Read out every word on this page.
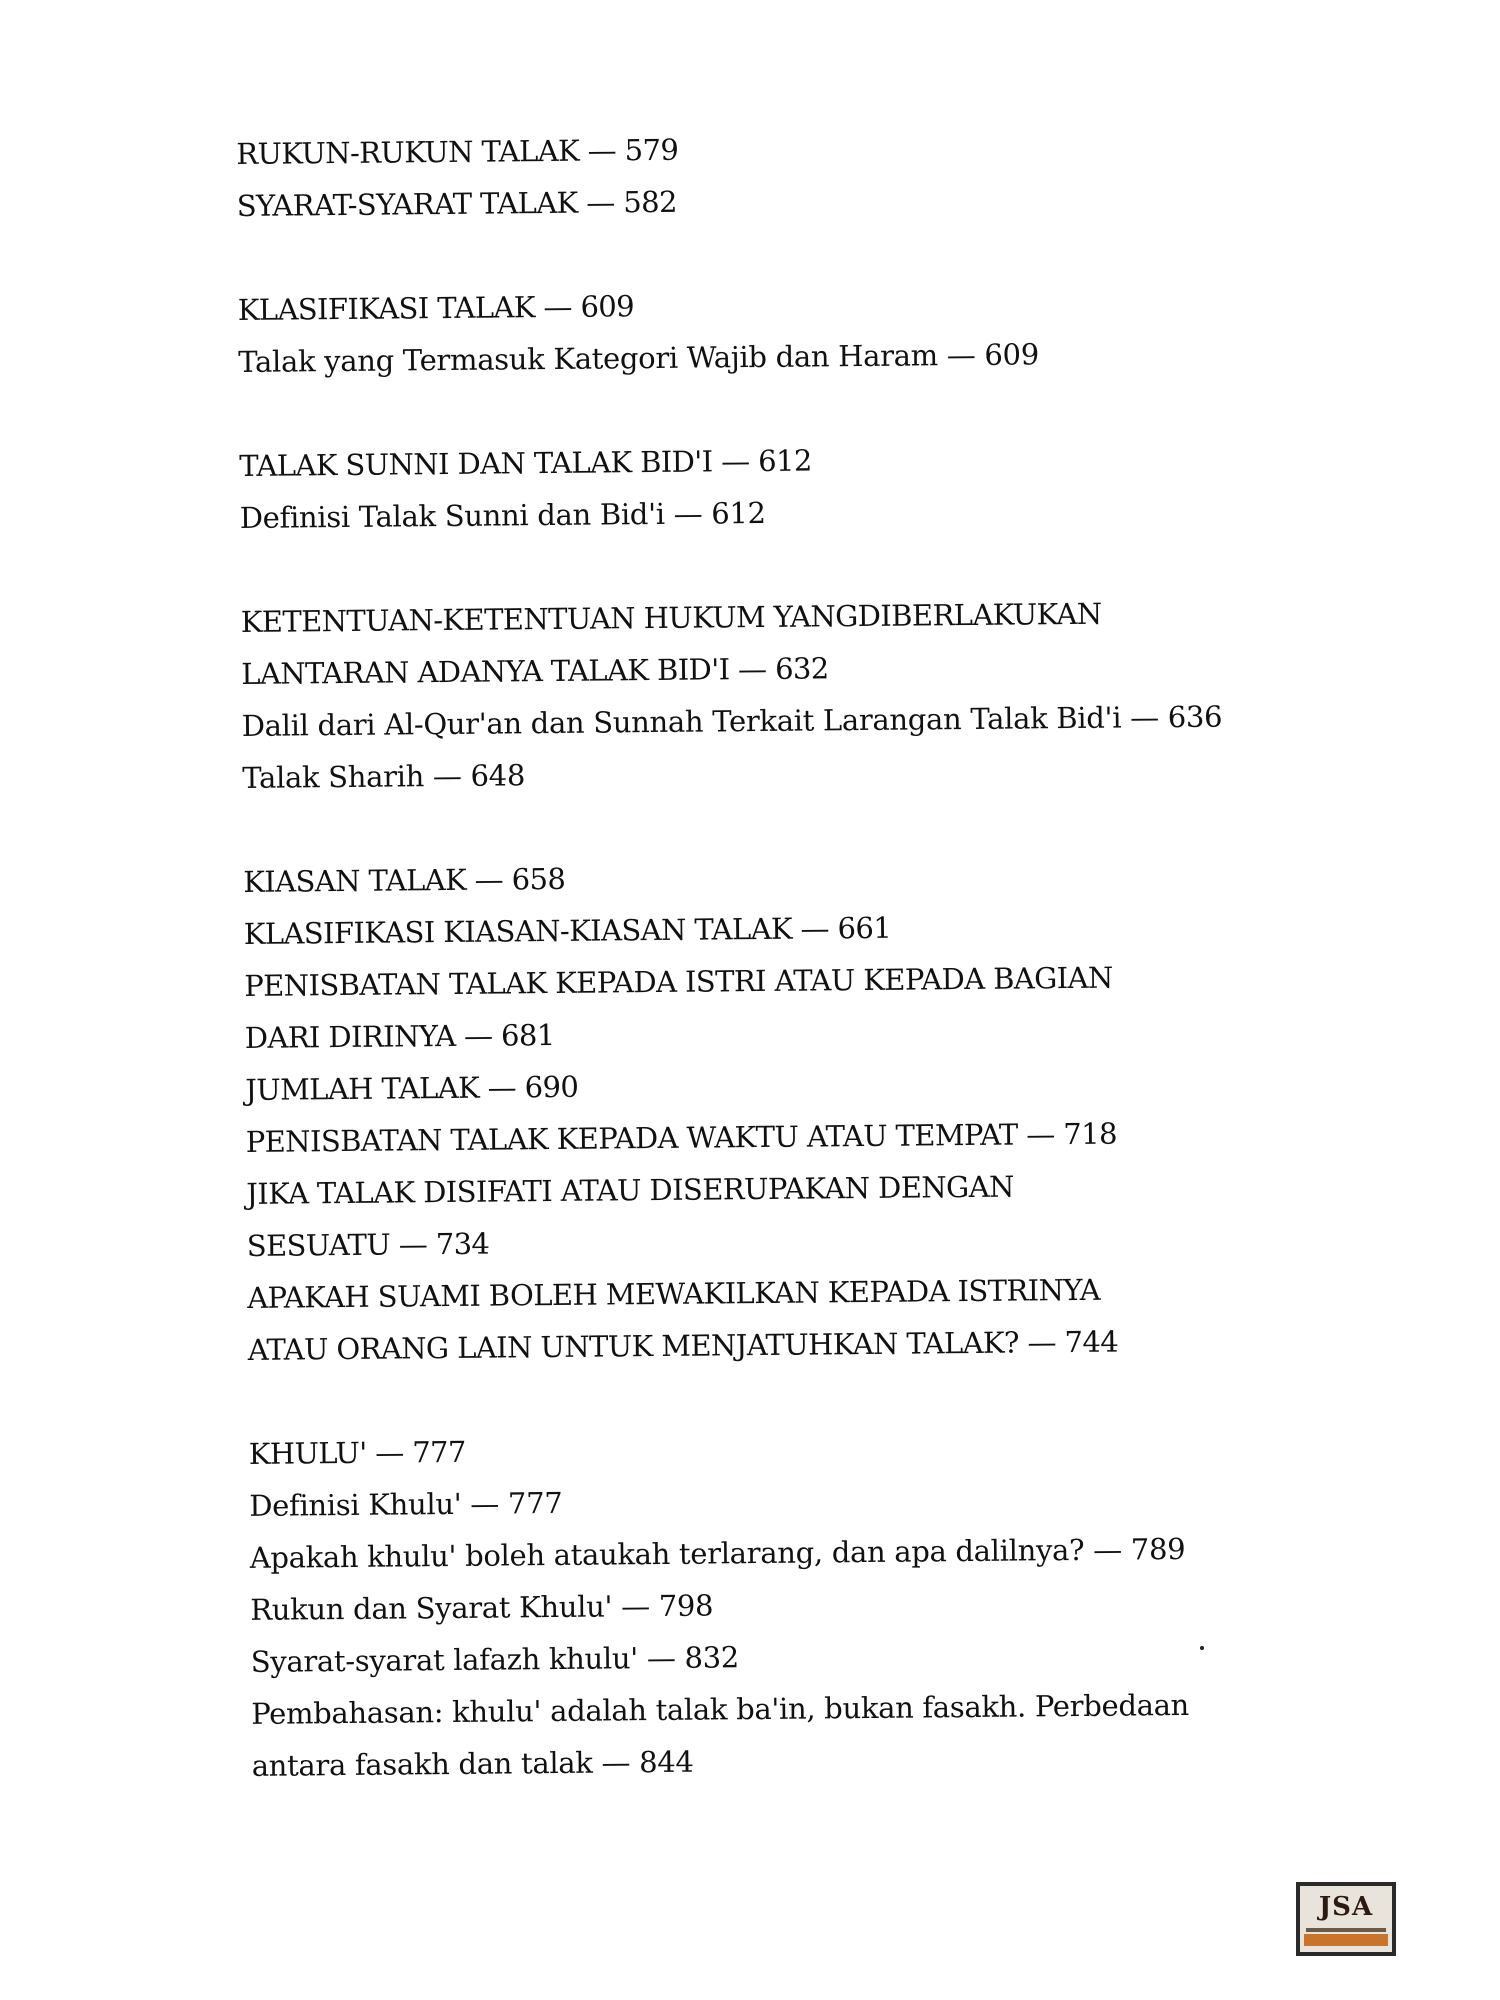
RUKUN-RUKUN TALAK — 579
SYARAT-SYARAT TALAK — 582
KLASIFIKASI TALAK — 609
Talak yang Termasuk Kategori Wajib dan Haram — 609
TALAK SUNNI DAN TALAK BID'I — 612
Definisi Talak Sunni dan Bid'i — 612
KETENTUAN-KETENTUAN HUKUM YANGDIBERLAKUKAN
LANTARAN ADANYA TALAK BID'I — 632
Dalil dari Al-Qur'an dan Sunnah Terkait Larangan Talak Bid'i — 636
Talak Sharih — 648
KIASAN TALAK — 658
KLASIFIKASI KIASAN-KIASAN TALAK — 661
PENISBATAN TALAK KEPADA ISTRI ATAU KEPADA BAGIAN
DARI DIRINYA — 681
JUMLAH TALAK — 690
PENISBATAN TALAK KEPADA WAKTU ATAU TEMPAT — 718
JIKA TALAK DISIFATI ATAU DISERUPAKAN DENGAN
SESUATU — 734
APAKAH SUAMI BOLEH MEWAKILKAN KEPADA ISTRINYA
ATAU ORANG LAIN UNTUK MENJATUHKAN TALAK? — 744
KHULU' — 777
Definisi Khulu' — 777
Apakah khulu' boleh ataukah terlarang, dan apa dalilnya? — 789
Rukun dan Syarat Khulu' — 798
Syarat-syarat lafazh khulu' — 832
Pembahasan: khulu' adalah talak ba'in, bukan fasakh. Perbedaan
antara fasakh dan talak — 844
JSA
